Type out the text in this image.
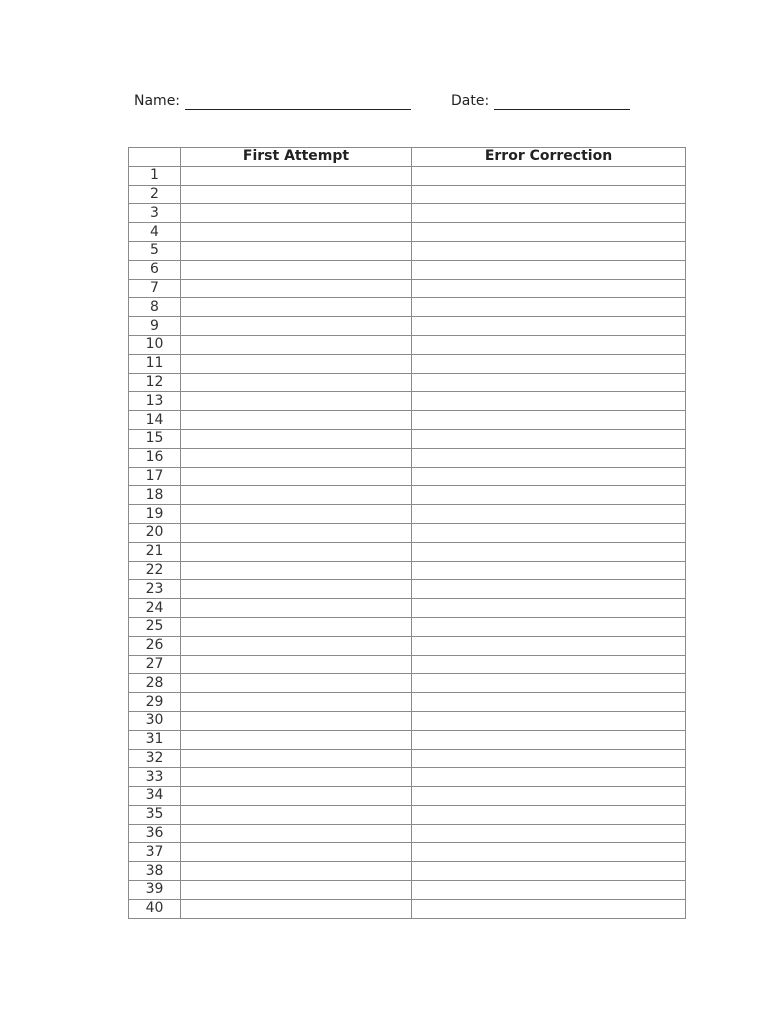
Name:	Date:
	First Attempt	Error Correction
1		
2		
3		
4		
5		
6		
7		
8		
9		
10		
11		
12		
13		
14		
15		
16		
17		
18		
19		
20		
21		
22		
23		
24		
25		
26		
27		
28		
29		
30		
31		
32		
33		
34		
35		
36		
37		
38		
39		
40		
